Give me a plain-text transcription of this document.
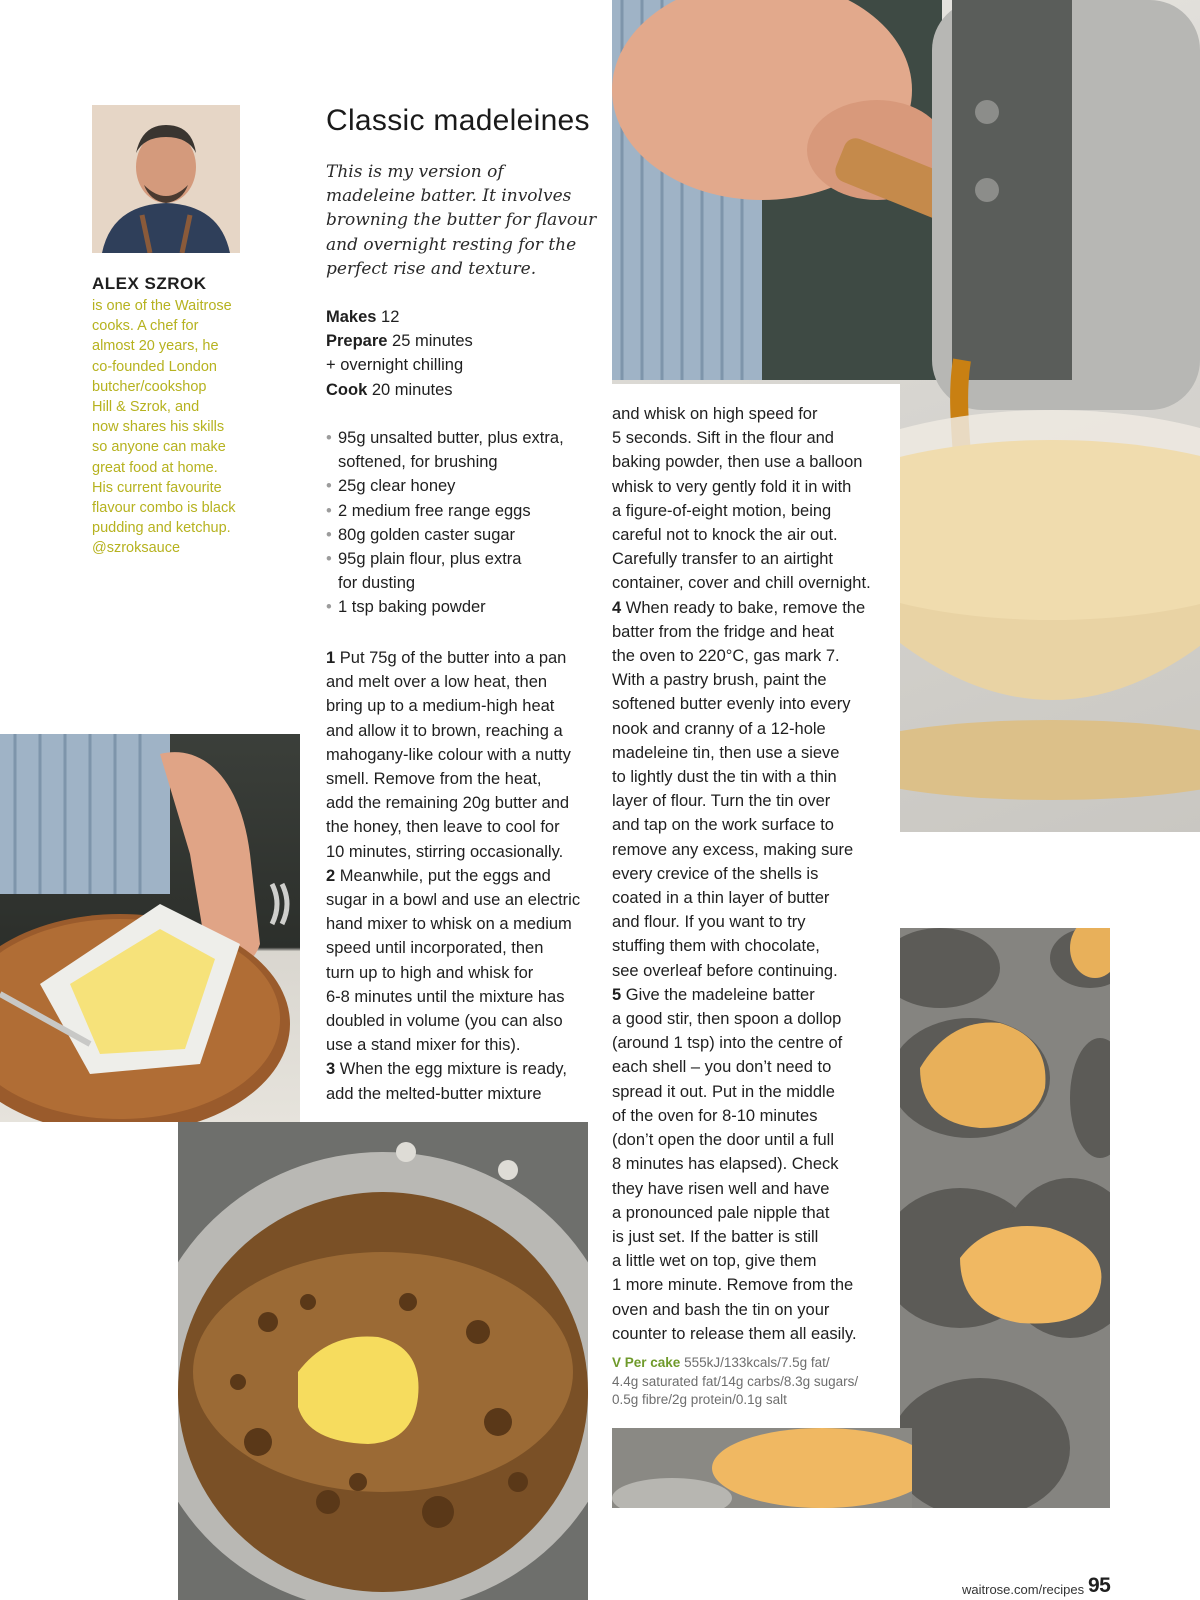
ALEX SZROK
is one of the Waitrose
cooks. A chef for
almost 20 years, he
co-founded London
butcher/cookshop
Hill & Szrok, and
now shares his skills
so anyone can make
great food at home.
His current favourite
flavour combo is black
pudding and ketchup.
@szroksauce
Classic madeleines
This is my version of
madeleine batter. It involves
browning the butter for flavour
and overnight resting for the
perfect rise and texture.
Makes 12
Prepare 25 minutes
+ overnight chilling
Cook 20 minutes
• 95g unsalted butter, plus extra,
softened, for brushing
• 25g clear honey
• 2 medium free range eggs
• 80g golden caster sugar
• 95g plain flour, plus extra
for dusting
• 1 tsp baking powder
1 Put 75g of the butter into a pan
and melt over a low heat, then
bring up to a medium-high heat
and allow it to brown, reaching a
mahogany-like colour with a nutty
smell. Remove from the heat,
add the remaining 20g butter and
the honey, then leave to cool for
10 minutes, stirring occasionally.
2 Meanwhile, put the eggs and
sugar in a bowl and use an electric
hand mixer to whisk on a medium
speed until incorporated, then
turn up to high and whisk for
6-8 minutes until the mixture has
doubled in volume (you can also
use a stand mixer for this).
3 When the egg mixture is ready,
add the melted-butter mixture
and whisk on high speed for
5 seconds. Sift in the flour and
baking powder, then use a balloon
whisk to very gently fold it in with
a figure-of-eight motion, being
careful not to knock the air out.
Carefully transfer to an airtight
container, cover and chill overnight.
4 When ready to bake, remove the
batter from the fridge and heat
the oven to 220°C, gas mark 7.
With a pastry brush, paint the
softened butter evenly into every
nook and cranny of a 12-hole
madeleine tin, then use a sieve
to lightly dust the tin with a thin
layer of flour. Turn the tin over
and tap on the work surface to
remove any excess, making sure
every crevice of the shells is
coated in a thin layer of butter
and flour. If you want to try
stuffing them with chocolate,
see overleaf before continuing.
5 Give the madeleine batter
a good stir, then spoon a dollop
(around 1 tsp) into the centre of
each shell – you don’t need to
spread it out. Put in the middle
of the oven for 8-10 minutes
(don’t open the door until a full
8 minutes has elapsed). Check
they have risen well and have
a pronounced pale nipple that
is just set. If the batter is still
a little wet on top, give them
1 more minute. Remove from the
oven and bash the tin on your
counter to release them all easily.
V Per cake 555kJ/133kcals/7.5g fat/
4.4g saturated fat/14g carbs/8.3g sugars/
0.5g fibre/2g protein/0.1g salt
waitrose.com/recipes 95
